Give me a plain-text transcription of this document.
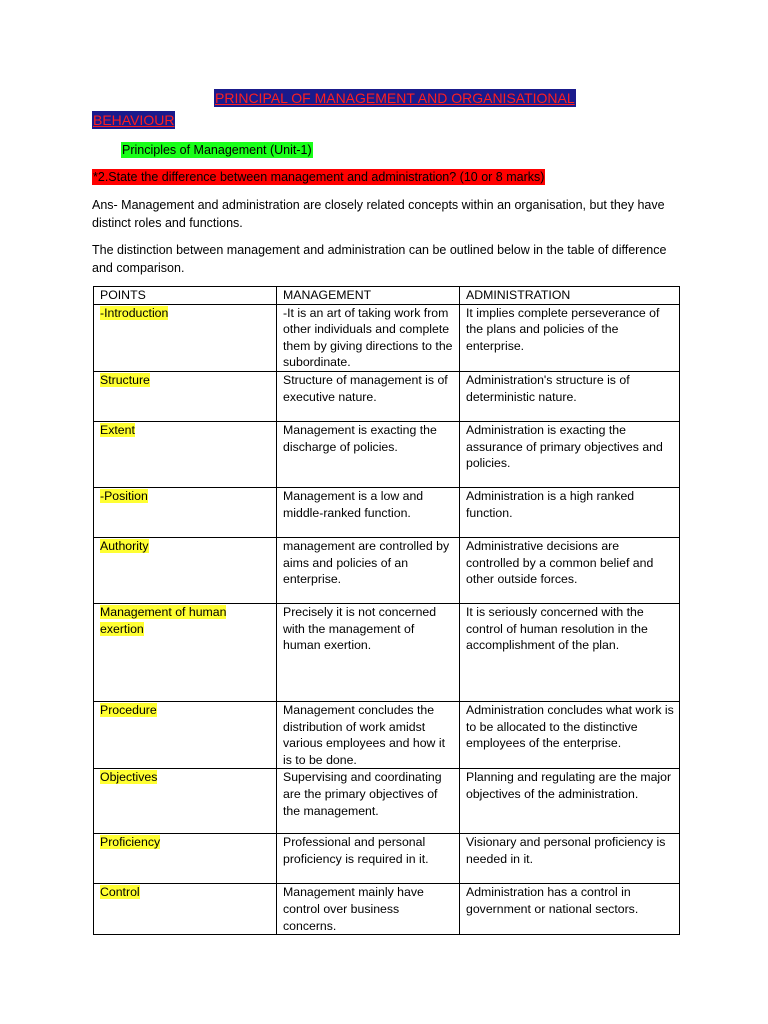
PRINCIPAL OF MANAGEMENT AND ORGANISATIONAL
BEHAVIOUR
Principles of Management (Unit-1)
*2.State the difference between management and administration? (10 or 8 marks)

Ans- Management and administration are closely related concepts within an organisation, but they have distinct roles and functions.

The distinction between management and administration can be outlined below in the table of difference and comparison.

POINTS	MANAGEMENT	ADMINISTRATION
-Introduction	-It is an art of taking work from other individuals and complete them by giving directions to the subordinate.	It implies complete perseverance of the plans and policies of the enterprise.
Structure	Structure of management is of executive nature.	Administration's structure is of deterministic nature.
Extent	Management is exacting the discharge of policies.	Administration is exacting the assurance of primary objectives and policies.
-Position	Management is a low and middle-ranked function.	Administration is a high ranked function.
Authority	management are controlled by aims and policies of an enterprise.	Administrative decisions are controlled by a common belief and other outside forces.
Management of human exertion	Precisely it is not concerned with the management of human exertion.	It is seriously concerned with the control of human resolution in the accomplishment of the plan.
Procedure	Management concludes the distribution of work amidst various employees and how it is to be done.	Administration concludes what work is to be allocated to the distinctive employees of the enterprise.
Objectives	Supervising and coordinating are the primary objectives of the management.	Planning and regulating are the major objectives of the administration.
Proficiency	Professional and personal proficiency is required in it.	Visionary and personal proficiency is needed in it.
Control	Management mainly have control over business concerns.	Administration has a control in government or national sectors.
